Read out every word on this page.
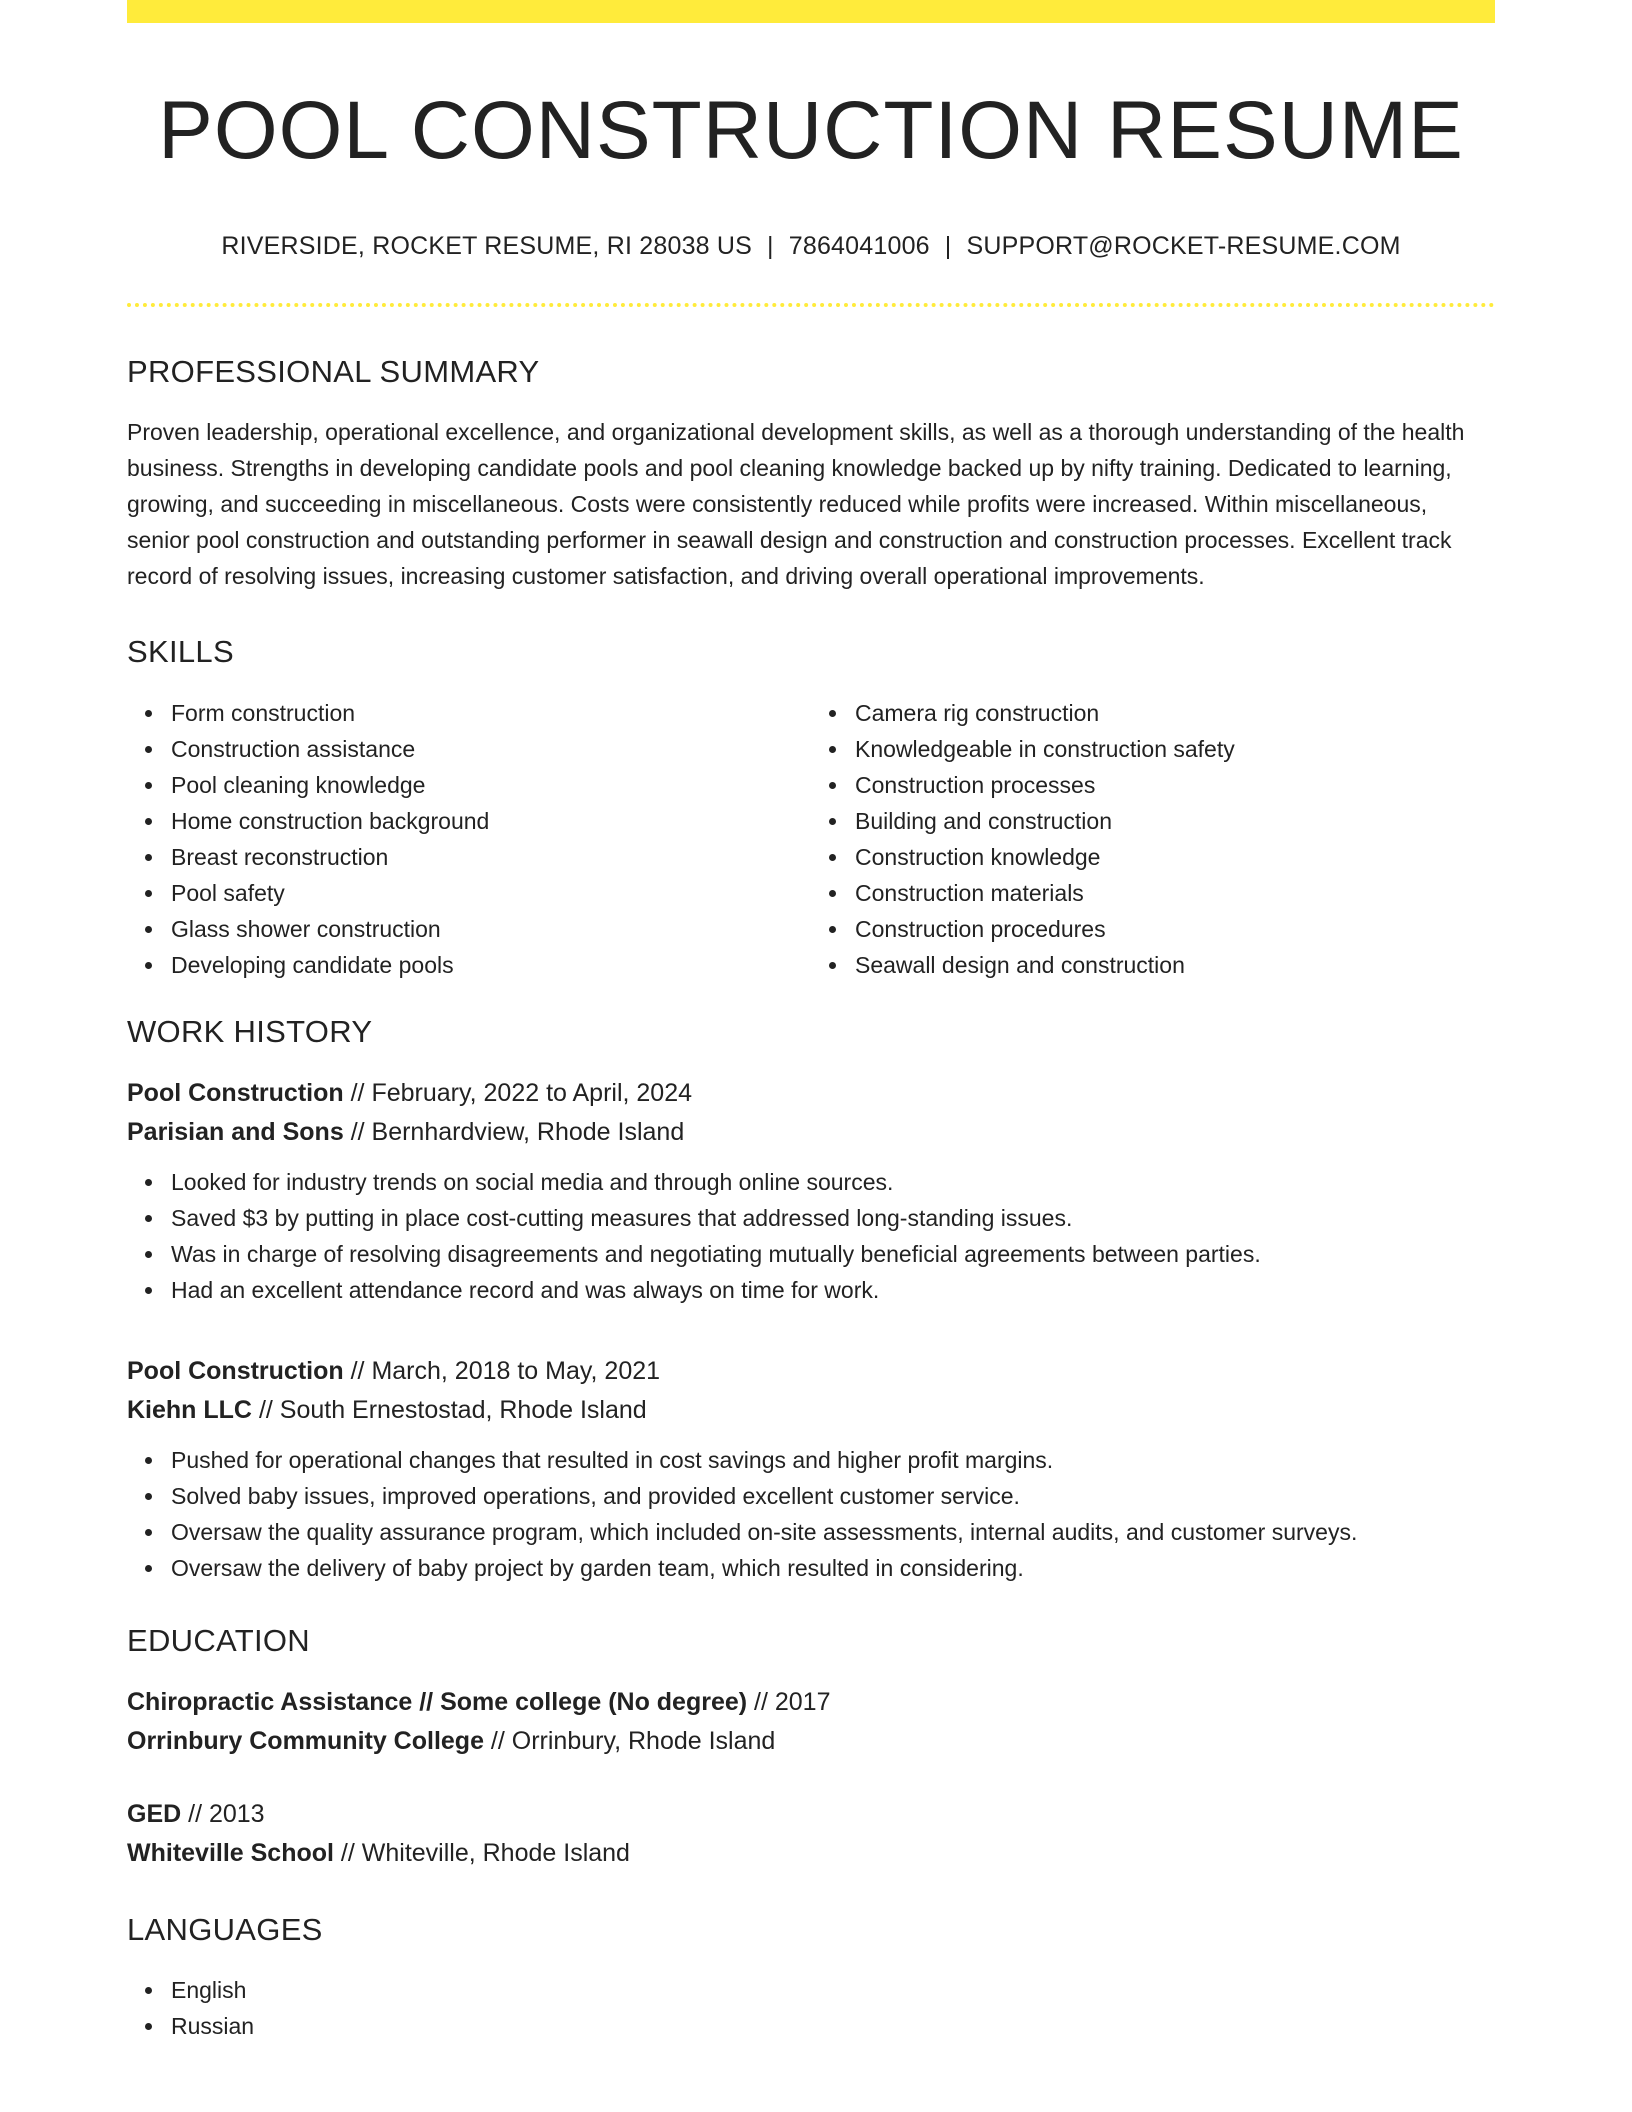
POOL CONSTRUCTION RESUME
RIVERSIDE, ROCKET RESUME, RI 28038 US | 7864041006 | SUPPORT@ROCKET-RESUME.COM
PROFESSIONAL SUMMARY

Proven leadership, operational excellence, and organizational development skills, as well as a thorough understanding of the health business. Strengths in developing candidate pools and pool cleaning knowledge backed up by nifty training. Dedicated to learning, growing, and succeeding in miscellaneous. Costs were consistently reduced while profits were increased. Within miscellaneous, senior pool construction and outstanding performer in seawall design and construction and construction processes. Excellent track record of resolving issues, increasing customer satisfaction, and driving overall operational improvements.

SKILLS
Form construction
Construction assistance
Pool cleaning knowledge
Home construction background
Breast reconstruction
Pool safety
Glass shower construction
Developing candidate pools
Camera rig construction
Knowledgeable in construction safety
Construction processes
Building and construction
Construction knowledge
Construction materials
Construction procedures
Seawall design and construction
WORK HISTORY
Pool Construction // February, 2022 to April, 2024
Parisian and Sons // Bernhardview, Rhode Island
Looked for industry trends on social media and through online sources.
Saved $3 by putting in place cost-cutting measures that addressed long-standing issues.
Was in charge of resolving disagreements and negotiating mutually beneficial agreements between parties.
Had an excellent attendance record and was always on time for work.
Pool Construction // March, 2018 to May, 2021
Kiehn LLC // South Ernestostad, Rhode Island
Pushed for operational changes that resulted in cost savings and higher profit margins.
Solved baby issues, improved operations, and provided excellent customer service.
Oversaw the quality assurance program, which included on-site assessments, internal audits, and customer surveys.
Oversaw the delivery of baby project by garden team, which resulted in considering.
EDUCATION
Chiropractic Assistance // Some college (No degree) // 2017
Orrinbury Community College // Orrinbury, Rhode Island
GED // 2013
Whiteville School // Whiteville, Rhode Island
LANGUAGES
English
Russian
